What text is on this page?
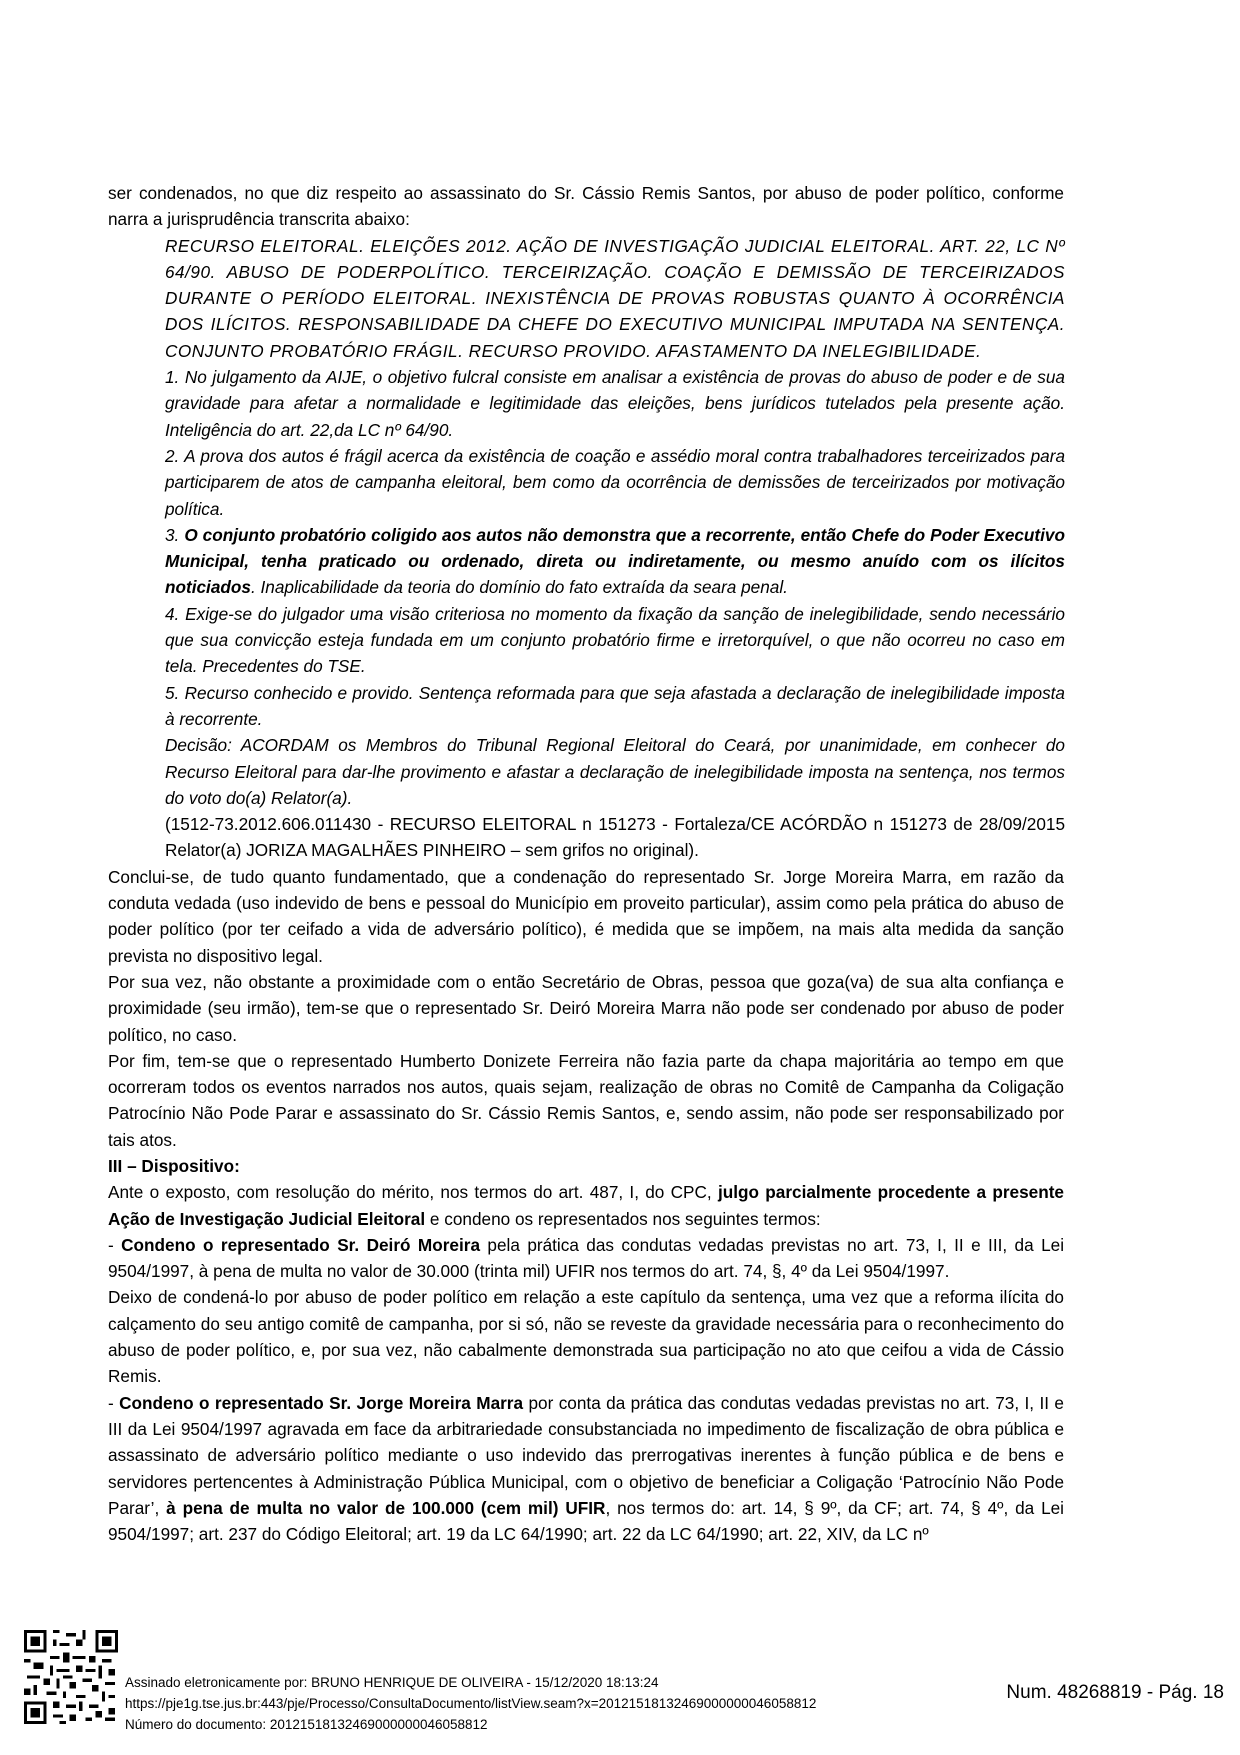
ser condenados, no que diz respeito ao assassinato do Sr. Cássio Remis Santos, por abuso de poder político, conforme narra a jurisprudência transcrita abaixo:

RECURSO ELEITORAL. ELEIÇÕES 2012. AÇÃO DE INVESTIGAÇÃO JUDICIAL ELEITORAL. ART. 22, LC Nº 64/90. ABUSO DE PODERPOLÍTICO. TERCEIRIZAÇÃO. COAÇÃO E DEMISSÃO DE TERCEIRIZADOS DURANTE O PERÍODO ELEITORAL. INEXISTÊNCIA DE PROVAS ROBUSTAS QUANTO À OCORRÊNCIA DOS ILÍCITOS. RESPONSABILIDADE DA CHEFE DO EXECUTIVO MUNICIPAL IMPUTADA NA SENTENÇA. CONJUNTO PROBATÓRIO FRÁGIL. RECURSO PROVIDO. AFASTAMENTO DA INELEGIBILIDADE.

1. No julgamento da AIJE, o objetivo fulcral consiste em analisar a existência de provas do abuso de poder e de sua gravidade para afetar a normalidade e legitimidade das eleições, bens jurídicos tutelados pela presente ação. Inteligência do art. 22,da LC nº 64/90.

2. A prova dos autos é frágil acerca da existência de coação e assédio moral contra trabalhadores terceirizados para participarem de atos de campanha eleitoral, bem como da ocorrência de demissões de terceirizados por motivação política.

3. O conjunto probatório coligido aos autos não demonstra que a recorrente, então Chefe do Poder Executivo Municipal, tenha praticado ou ordenado, direta ou indiretamente, ou mesmo anuído com os ilícitos noticiados. Inaplicabilidade da teoria do domínio do fato extraída da seara penal.

4. Exige-se do julgador uma visão criteriosa no momento da fixação da sanção de inelegibilidade, sendo necessário que sua convicção esteja fundada em um conjunto probatório firme e irretorquível, o que não ocorreu no caso em tela. Precedentes do TSE.

5. Recurso conhecido e provido. Sentença reformada para que seja afastada a declaração de inelegibilidade imposta à recorrente.

Decisão: ACORDAM os Membros do Tribunal Regional Eleitoral do Ceará, por unanimidade, em conhecer do Recurso Eleitoral para dar-lhe provimento e afastar a declaração de inelegibilidade imposta na sentença, nos termos do voto do(a) Relator(a).

(1512-73.2012.606.011430 - RECURSO ELEITORAL n 151273 - Fortaleza/CE ACÓRDÃO n 151273 de 28/09/2015 Relator(a) JORIZA MAGALHÃES PINHEIRO – sem grifos no original).

Conclui-se, de tudo quanto fundamentado, que a condenação do representado Sr. Jorge Moreira Marra, em razão da conduta vedada (uso indevido de bens e pessoal do Município em proveito particular), assim como pela prática do abuso de poder político (por ter ceifado a vida de adversário político), é medida que se impõem, na mais alta medida da sanção prevista no dispositivo legal.

Por sua vez, não obstante a proximidade com o então Secretário de Obras, pessoa que goza(va) de sua alta confiança e proximidade (seu irmão), tem-se que o representado Sr. Deiró Moreira Marra não pode ser condenado por abuso de poder político, no caso.

Por fim, tem-se que o representado Humberto Donizete Ferreira não fazia parte da chapa majoritária ao tempo em que ocorreram todos os eventos narrados nos autos, quais sejam, realização de obras no Comitê de Campanha da Coligação Patrocínio Não Pode Parar e assassinato do Sr. Cássio Remis Santos, e, sendo assim, não pode ser responsabilizado por tais atos.

III – Dispositivo:

Ante o exposto, com resolução do mérito, nos termos do art. 487, I, do CPC, julgo parcialmente procedente a presente Ação de Investigação Judicial Eleitoral e condeno os representados nos seguintes termos:

- Condeno o representado Sr. Deiró Moreira pela prática das condutas vedadas previstas no art. 73, I, II e III, da Lei 9504/1997, à pena de multa no valor de 30.000 (trinta mil) UFIR nos termos do art. 74, §, 4º da Lei 9504/1997.

Deixo de condená-lo por abuso de poder político em relação a este capítulo da sentença, uma vez que a reforma ilícita do calçamento do seu antigo comitê de campanha, por si só, não se reveste da gravidade necessária para o reconhecimento do abuso de poder político, e, por sua vez, não cabalmente demonstrada sua participação no ato que ceifou a vida de Cássio Remis.

- Condeno o representado Sr. Jorge Moreira Marra por conta da prática das condutas vedadas previstas no art. 73, I, II e III da Lei 9504/1997 agravada em face da arbitrariedade consubstanciada no impedimento de fiscalização de obra pública e assassinato de adversário político mediante o uso indevido das prerrogativas inerentes à função pública e de bens e servidores pertencentes à Administração Pública Municipal, com o objetivo de beneficiar a Coligação ‘Patrocínio Não Pode Parar’, à pena de multa no valor de 100.000 (cem mil) UFIR, nos termos do: art. 14, § 9º, da CF; art. 74, § 4º, da Lei 9504/1997; art. 237 do Código Eleitoral; art. 19 da LC 64/1990; art. 22 da LC 64/1990; art. 22, XIV, da LC nº

Assinado eletronicamente por: BRUNO HENRIQUE DE OLIVEIRA - 15/12/2020 18:13:24
https://pje1g.tse.jus.br:443/pje/Processo/ConsultaDocumento/listView.seam?x=20121518132469000000046058812
Número do documento: 20121518132469000000046058812
Num. 48268819 - Pág. 18
